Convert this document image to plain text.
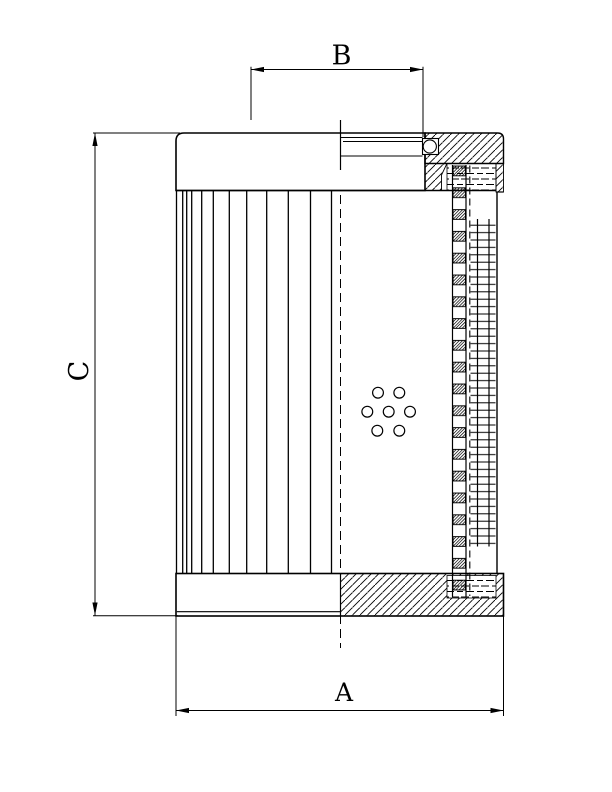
B
C
A
